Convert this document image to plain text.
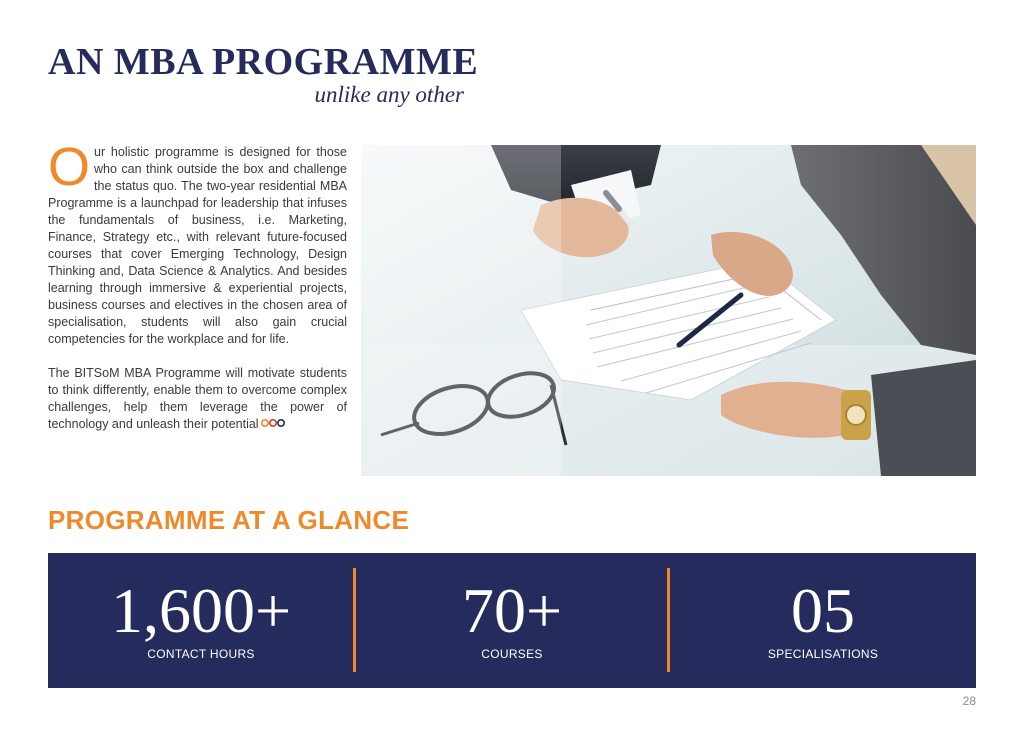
AN MBA PROGRAMME
unlike any other

Our holistic programme is designed for those who can think outside the box and challenge the status quo. The two-year residential MBA Programme is a launchpad for leadership that infuses the fundamentals of business, i.e. Marketing, Finance, Strategy etc., with relevant future-focused courses that cover Emerging Technology, Design Thinking and, Data Science & Analytics. And besides learning through immersive & experiential projects, business courses and electives in the chosen area of specialisation, students will also gain crucial competencies for the workplace and for life.

The BITSoM MBA Programme will motivate students to think differently, enable them to overcome complex challenges, help them leverage the power of technology and unleash their potential

PROGRAMME AT A GLANCE
1,600+
CONTACT HOURS
70+
COURSES
05
SPECIALISATIONS
28
